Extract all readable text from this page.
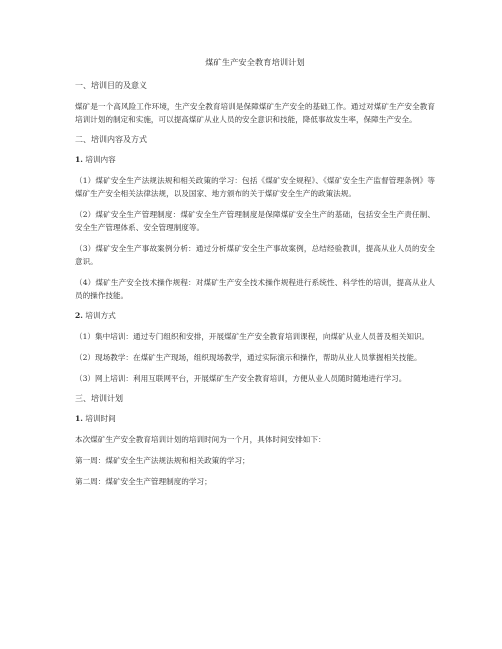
煤矿生产安全教育培训计划
一、培训目的及意义
煤矿是一个高风险工作环境，生产安全教育培训是保障煤矿生产安全的基础工作。通过对煤矿生产安全教育培训计划的制定和实施，可以提高煤矿从业人员的安全意识和技能，降低事故发生率，保障生产安全。
二、培训内容及方式
1. 培训内容
（1）煤矿安全生产法规法规和相关政策的学习：包括《煤矿安全规程》、《煤矿安全生产监督管理条例》等煤矿生产安全相关法律法规，以及国家、地方颁布的关于煤矿安全生产的政策法规。
（2）煤矿安全生产管理制度：煤矿安全生产管理制度是保障煤矿安全生产的基础，包括安全生产责任制、安全生产管理体系、安全管理制度等。
（3）煤矿安全生产事故案例分析：通过分析煤矿安全生产事故案例，总结经验教训，提高从业人员的安全意识。
（4）煤矿生产安全技术操作规程：对煤矿生产安全技术操作规程进行系统性、科学性的培训，提高从业人员的操作技能。
2. 培训方式
（1）集中培训：通过专门组织和安排，开展煤矿生产安全教育培训课程，向煤矿从业人员普及相关知识。
（2）现场教学：在煤矿生产现场，组织现场教学，通过实际演示和操作，帮助从业人员掌握相关技能。
（3）网上培训：利用互联网平台，开展煤矿生产安全教育培训，方便从业人员随时随地进行学习。
三、培训计划
1. 培训时间
本次煤矿生产安全教育培训计划的培训时间为一个月，具体时间安排如下：
第一周：煤矿安全生产法规法规和相关政策的学习；
第二周：煤矿安全生产管理制度的学习；
